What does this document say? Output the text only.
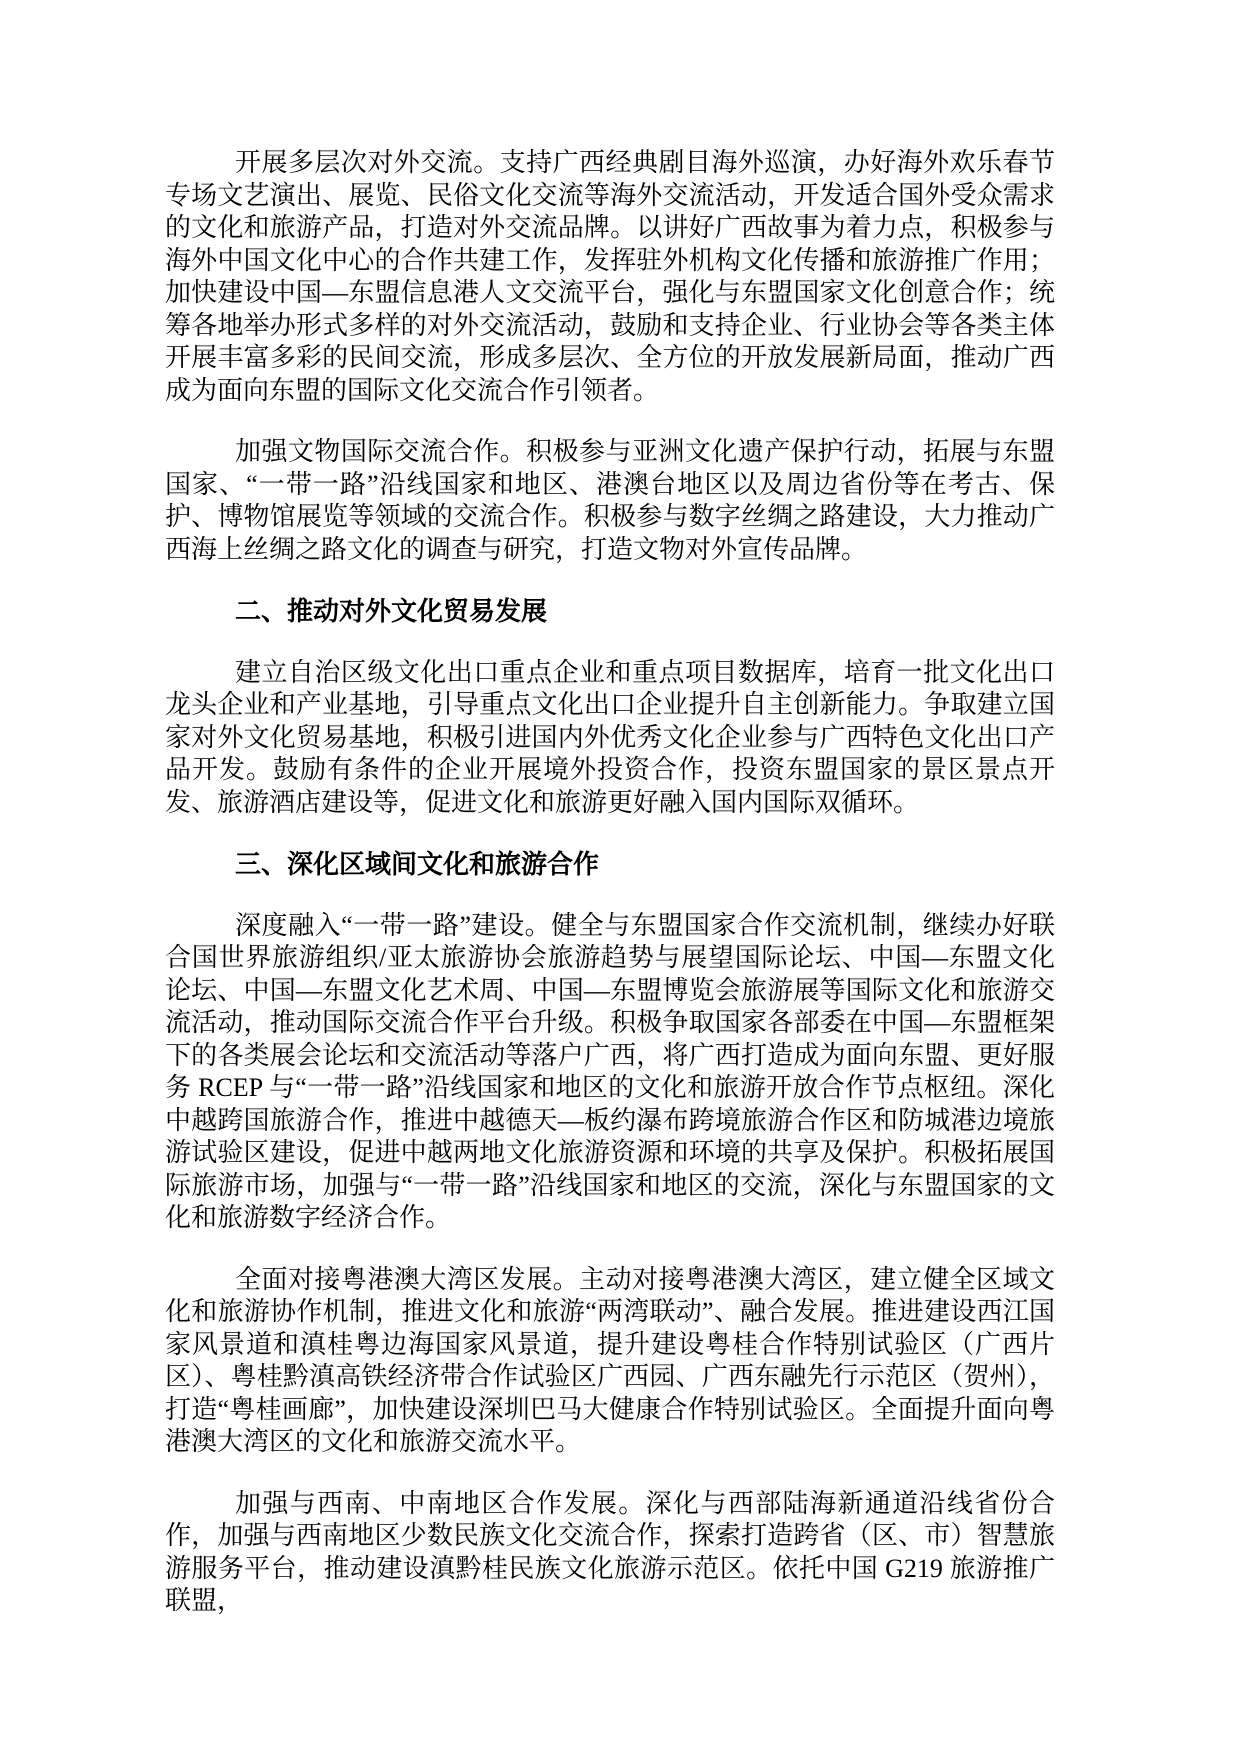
开展多层次对外交流。支持广西经典剧目海外巡演，办好海外欢乐春节专场文艺演出、展览、民俗文化交流等海外交流活动，开发适合国外受众需求的文化和旅游产品，打造对外交流品牌。以讲好广西故事为着力点，积极参与海外中国文化中心的合作共建工作，发挥驻外机构文化传播和旅游推广作用；加快建设中国—东盟信息港人文交流平台，强化与东盟国家文化创意合作；统筹各地举办形式多样的对外交流活动，鼓励和支持企业、行业协会等各类主体开展丰富多彩的民间交流，形成多层次、全方位的开放发展新局面，推动广西成为面向东盟的国际文化交流合作引领者。

加强文物国际交流合作。积极参与亚洲文化遗产保护行动，拓展与东盟国家、“一带一路”沿线国家和地区、港澳台地区以及周边省份等在考古、保护、博物馆展览等领域的交流合作。积极参与数字丝绸之路建设，大力推动广西海上丝绸之路文化的调查与研究，打造文物对外宣传品牌。

二、推动对外文化贸易发展

建立自治区级文化出口重点企业和重点项目数据库，培育一批文化出口龙头企业和产业基地，引导重点文化出口企业提升自主创新能力。争取建立国家对外文化贸易基地，积极引进国内外优秀文化企业参与广西特色文化出口产品开发。鼓励有条件的企业开展境外投资合作，投资东盟国家的景区景点开发、旅游酒店建设等，促进文化和旅游更好融入国内国际双循环。

三、深化区域间文化和旅游合作

深度融入“一带一路”建设。健全与东盟国家合作交流机制，继续办好联合国世界旅游组织/亚太旅游协会旅游趋势与展望国际论坛、中国—东盟文化论坛、中国—东盟文化艺术周、中国—东盟博览会旅游展等国际文化和旅游交流活动，推动国际交流合作平台升级。积极争取国家各部委在中国—东盟框架下的各类展会论坛和交流活动等落户广西，将广西打造成为面向东盟、更好服务 RCEP 与“一带一路”沿线国家和地区的文化和旅游开放合作节点枢纽。深化中越跨国旅游合作，推进中越德天—板约瀑布跨境旅游合作区和防城港边境旅游试验区建设，促进中越两地文化旅游资源和环境的共享及保护。积极拓展国际旅游市场，加强与“一带一路”沿线国家和地区的交流，深化与东盟国家的文化和旅游数字经济合作。

全面对接粤港澳大湾区发展。主动对接粤港澳大湾区，建立健全区域文化和旅游协作机制，推进文化和旅游“两湾联动”、融合发展。推进建设西江国家风景道和滇桂粤边海国家风景道，提升建设粤桂合作特别试验区（广西片区）、粤桂黔滇高铁经济带合作试验区广西园、广西东融先行示范区（贺州），打造“粤桂画廊”，加快建设深圳巴马大健康合作特别试验区。全面提升面向粤港澳大湾区的文化和旅游交流水平。

加强与西南、中南地区合作发展。深化与西部陆海新通道沿线省份合作，加强与西南地区少数民族文化交流合作，探索打造跨省（区、市）智慧旅游服务平台，推动建设滇黔桂民族文化旅游示范区。依托中国 G219 旅游推广联盟，
